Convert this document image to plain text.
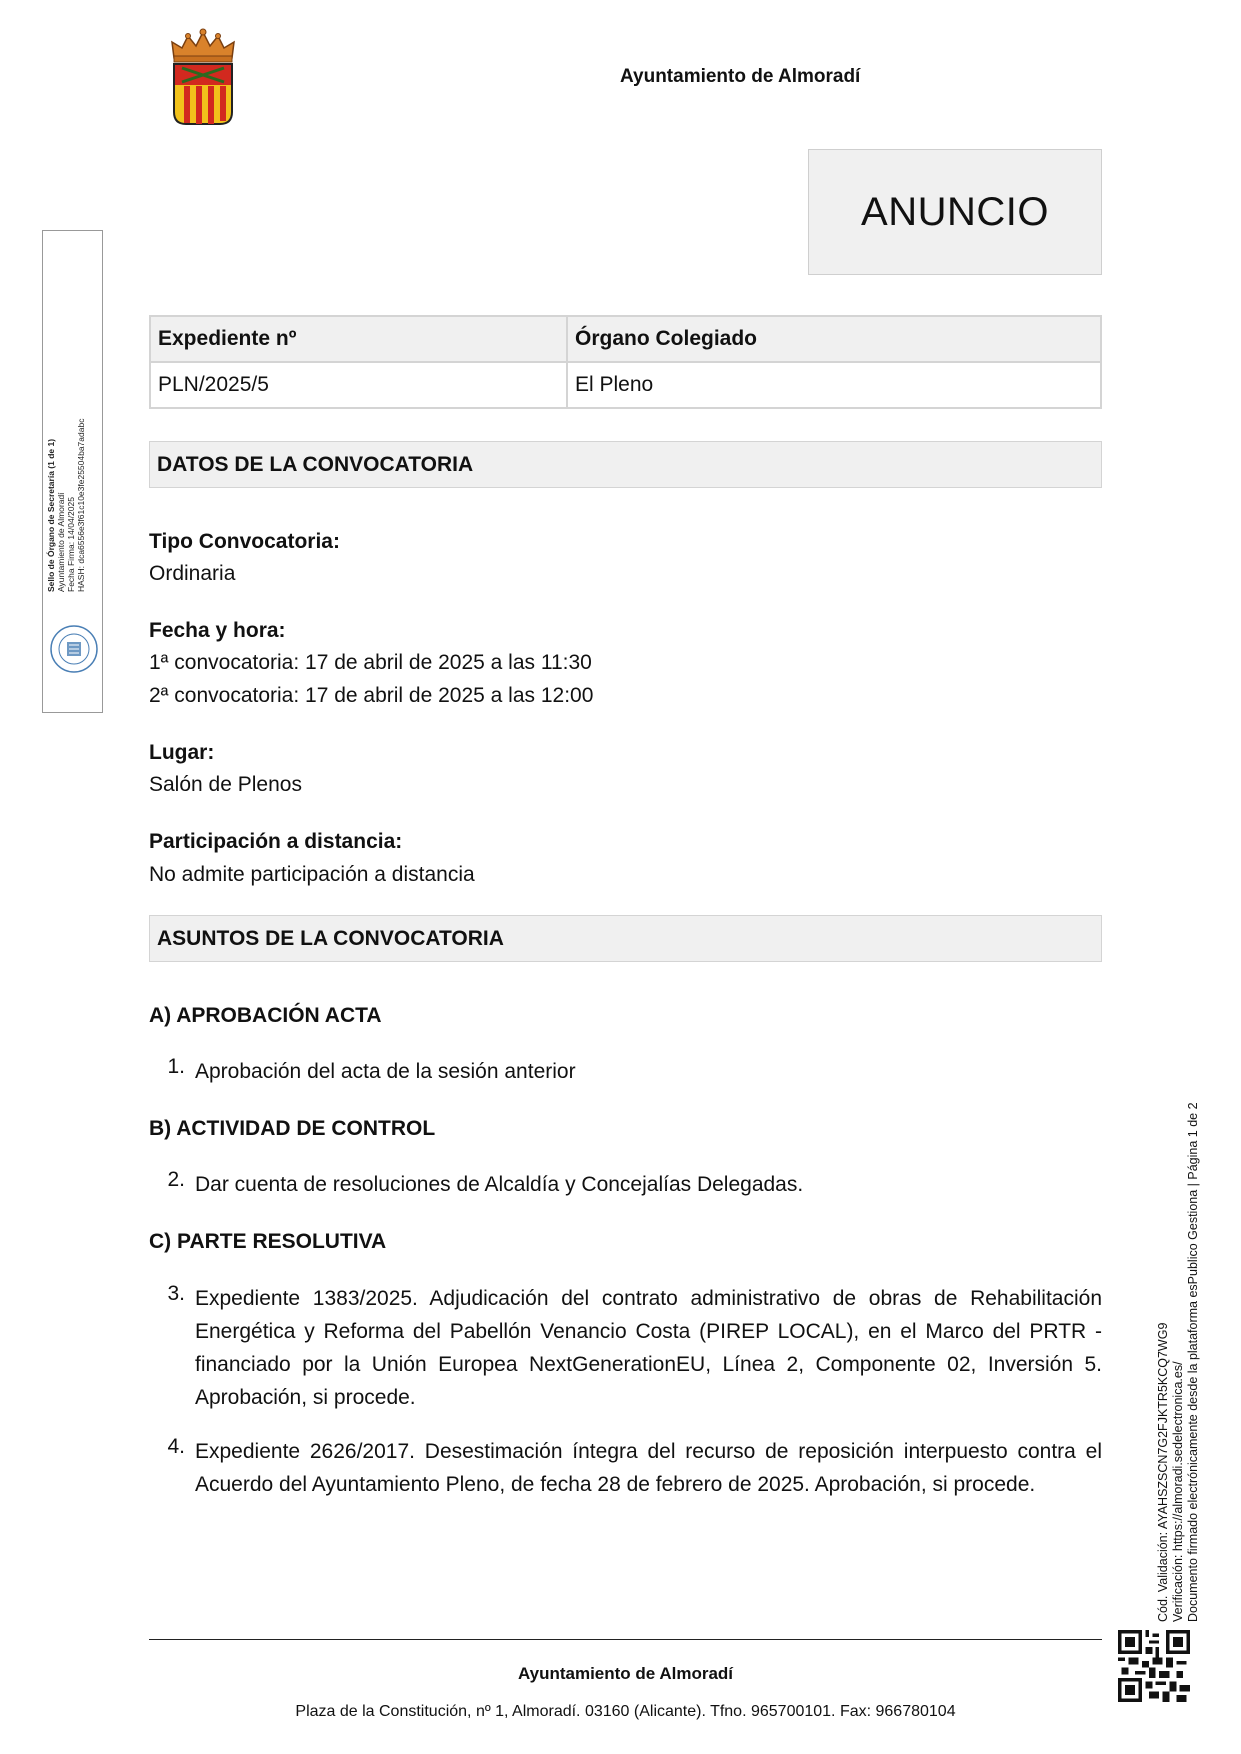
Ayuntamiento de Almoradí
ANUNCIO
Expediente nº	Órgano Colegiado
PLN/2025/5	El Pleno
DATOS DE LA CONVOCATORIA
Tipo Convocatoria:
Ordinaria
Fecha y hora:
1ª convocatoria: 17 de abril de 2025 a las 11:30
2ª convocatoria: 17 de abril de 2025 a las 12:00
Lugar:
Salón de Plenos
Participación a distancia:
No admite participación a distancia
ASUNTOS DE LA CONVOCATORIA
A) APROBACIÓN ACTA
1. Aprobación del acta de la sesión anterior
B) ACTIVIDAD DE CONTROL
2. Dar cuenta de resoluciones de Alcaldía y Concejalías Delegadas.
C) PARTE RESOLUTIVA
3. Expediente 1383/2025. Adjudicación del contrato administrativo de obras de Rehabilitación Energética y Reforma del Pabellón Venancio Costa (PIREP LOCAL), en el Marco del PRTR - financiado por la Unión Europea NextGenerationEU, Línea 2, Componente 02, Inversión 5. Aprobación, si procede.
4. Expediente 2626/2017. Desestimación íntegra del recurso de reposición interpuesto contra el Acuerdo del Ayuntamiento Pleno, de fecha 28 de febrero de 2025. Aprobación, si procede.
Ayuntamiento de Almoradí
Plaza de la Constitución, nº 1, Almoradí. 03160 (Alicante). Tfno. 965700101. Fax: 966780104
Sello de Órgano de Secretaría (1 de 1) Ayuntamiento de Almoradí Fecha Firma: 14/04/2025 HASH: dca6556e3f61c10e3fe25504ba7adabc
Cód. Validación: AYAHSZSCN7G2FJKTR5KCQ7WG9 Verificación: https://almoradi.sedelectronica.es/ Documento firmado electrónicamente desde la plataforma esPublico Gestiona | Página 1 de 2
